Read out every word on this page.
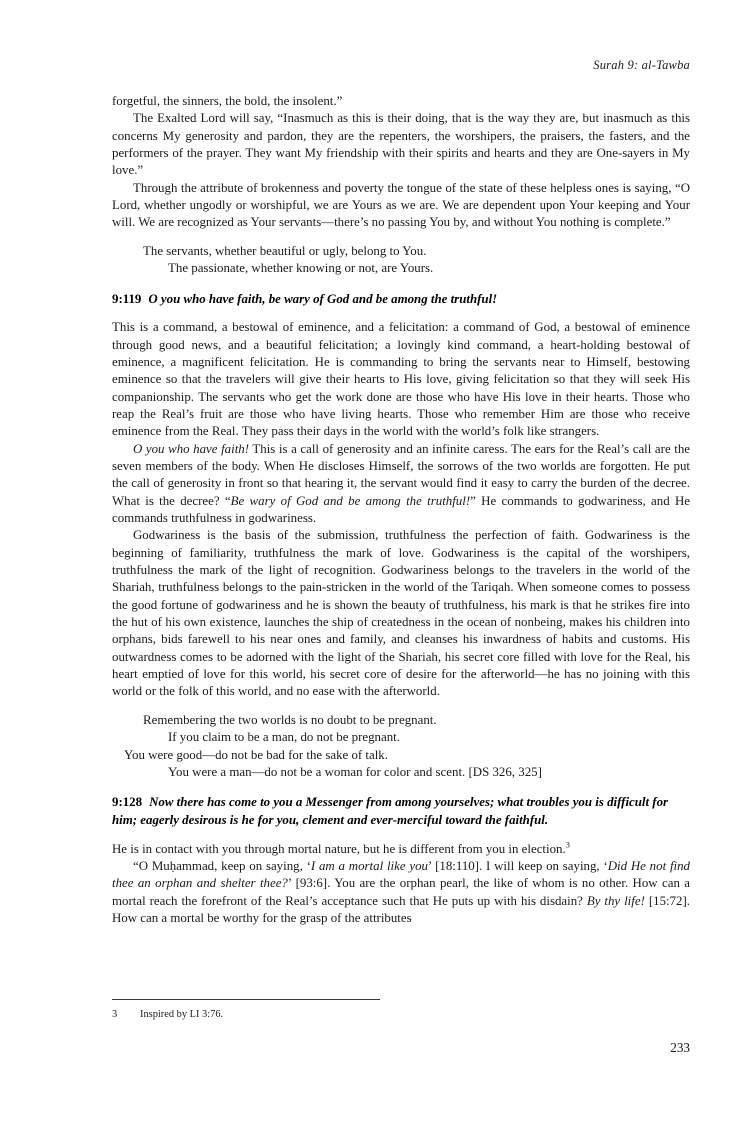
Surah 9: al-Tawba

forgetful, the sinners, the bold, the insolent.”

The Exalted Lord will say, “Inasmuch as this is their doing, that is the way they are, but inasmuch as this concerns My generosity and pardon, they are the repenters, the worshipers, the praisers, the fasters, and the performers of the prayer. They want My friendship with their spirits and hearts and they are One-sayers in My love.”

Through the attribute of brokenness and poverty the tongue of the state of these helpless ones is saying, “O Lord, whether ungodly or worshipful, we are Yours as we are. We are dependent upon Your keeping and Your will. We are recognized as Your servants—there’s no passing You by, and without You nothing is complete.”

The servants, whether beautiful or ugly, belong to You.

The passionate, whether knowing or not, are Yours.

9:119 O you who have faith, be wary of God and be among the truthful!

This is a command, a bestowal of eminence, and a felicitation: a command of God, a bestowal of eminence through good news, and a beautiful felicitation; a lovingly kind command, a heart-holding bestowal of eminence, a magnificent felicitation. He is commanding to bring the servants near to Himself, bestowing eminence so that the travelers will give their hearts to His love, giving felicitation so that they will seek His companionship. The servants who get the work done are those who have His love in their hearts. Those who reap the Real’s fruit are those who have living hearts. Those who remember Him are those who receive eminence from the Real. They pass their days in the world with the world’s folk like strangers.

O you who have faith! This is a call of generosity and an infinite caress. The ears for the Real’s call are the seven members of the body. When He discloses Himself, the sorrows of the two worlds are forgotten. He put the call of generosity in front so that hearing it, the servant would find it easy to carry the burden of the decree. What is the decree? “Be wary of God and be among the truthful!” He commands to godwariness, and He commands truthfulness in godwariness.

Godwariness is the basis of the submission, truthfulness the perfection of faith. Godwariness is the beginning of familiarity, truthfulness the mark of love. Godwariness is the capital of the worshipers, truthfulness the mark of the light of recognition. Godwariness belongs to the travelers in the world of the Shariah, truthfulness belongs to the pain-stricken in the world of the Tariqah. When someone comes to possess the good fortune of godwariness and he is shown the beauty of truthfulness, his mark is that he strikes fire into the hut of his own existence, launches the ship of createdness in the ocean of nonbeing, makes his children into orphans, bids farewell to his near ones and family, and cleanses his inwardness of habits and customs. His outwardness comes to be adorned with the light of the Shariah, his secret core filled with love for the Real, his heart emptied of love for this world, his secret core of desire for the afterworld—he has no joining with this world or the folk of this world, and no ease with the afterworld.

Remembering the two worlds is no doubt to be pregnant.

If you claim to be a man, do not be pregnant.

You were good—do not be bad for the sake of talk.

You were a man—do not be a woman for color and scent. [DS 326, 325]

9:128 Now there has come to you a Messenger from among yourselves; what troubles you is difficult for him; eagerly desirous is he for you, clement and ever-merciful toward the faithful.

He is in contact with you through mortal nature, but he is different from you in election.$^3$

“O Muḥammad, keep on saying, ‘I am a mortal like you’ [18:110]. I will keep on saying, ‘Did He not find thee an orphan and shelter thee?’ [93:6]. You are the orphan pearl, the like of whom is no other. How can a mortal reach the forefront of the Real’s acceptance such that He puts up with his disdain? By thy life! [15:72]. How can a mortal be worthy for the grasp of the attributes

3 Inspired by LI 3:76.
233
